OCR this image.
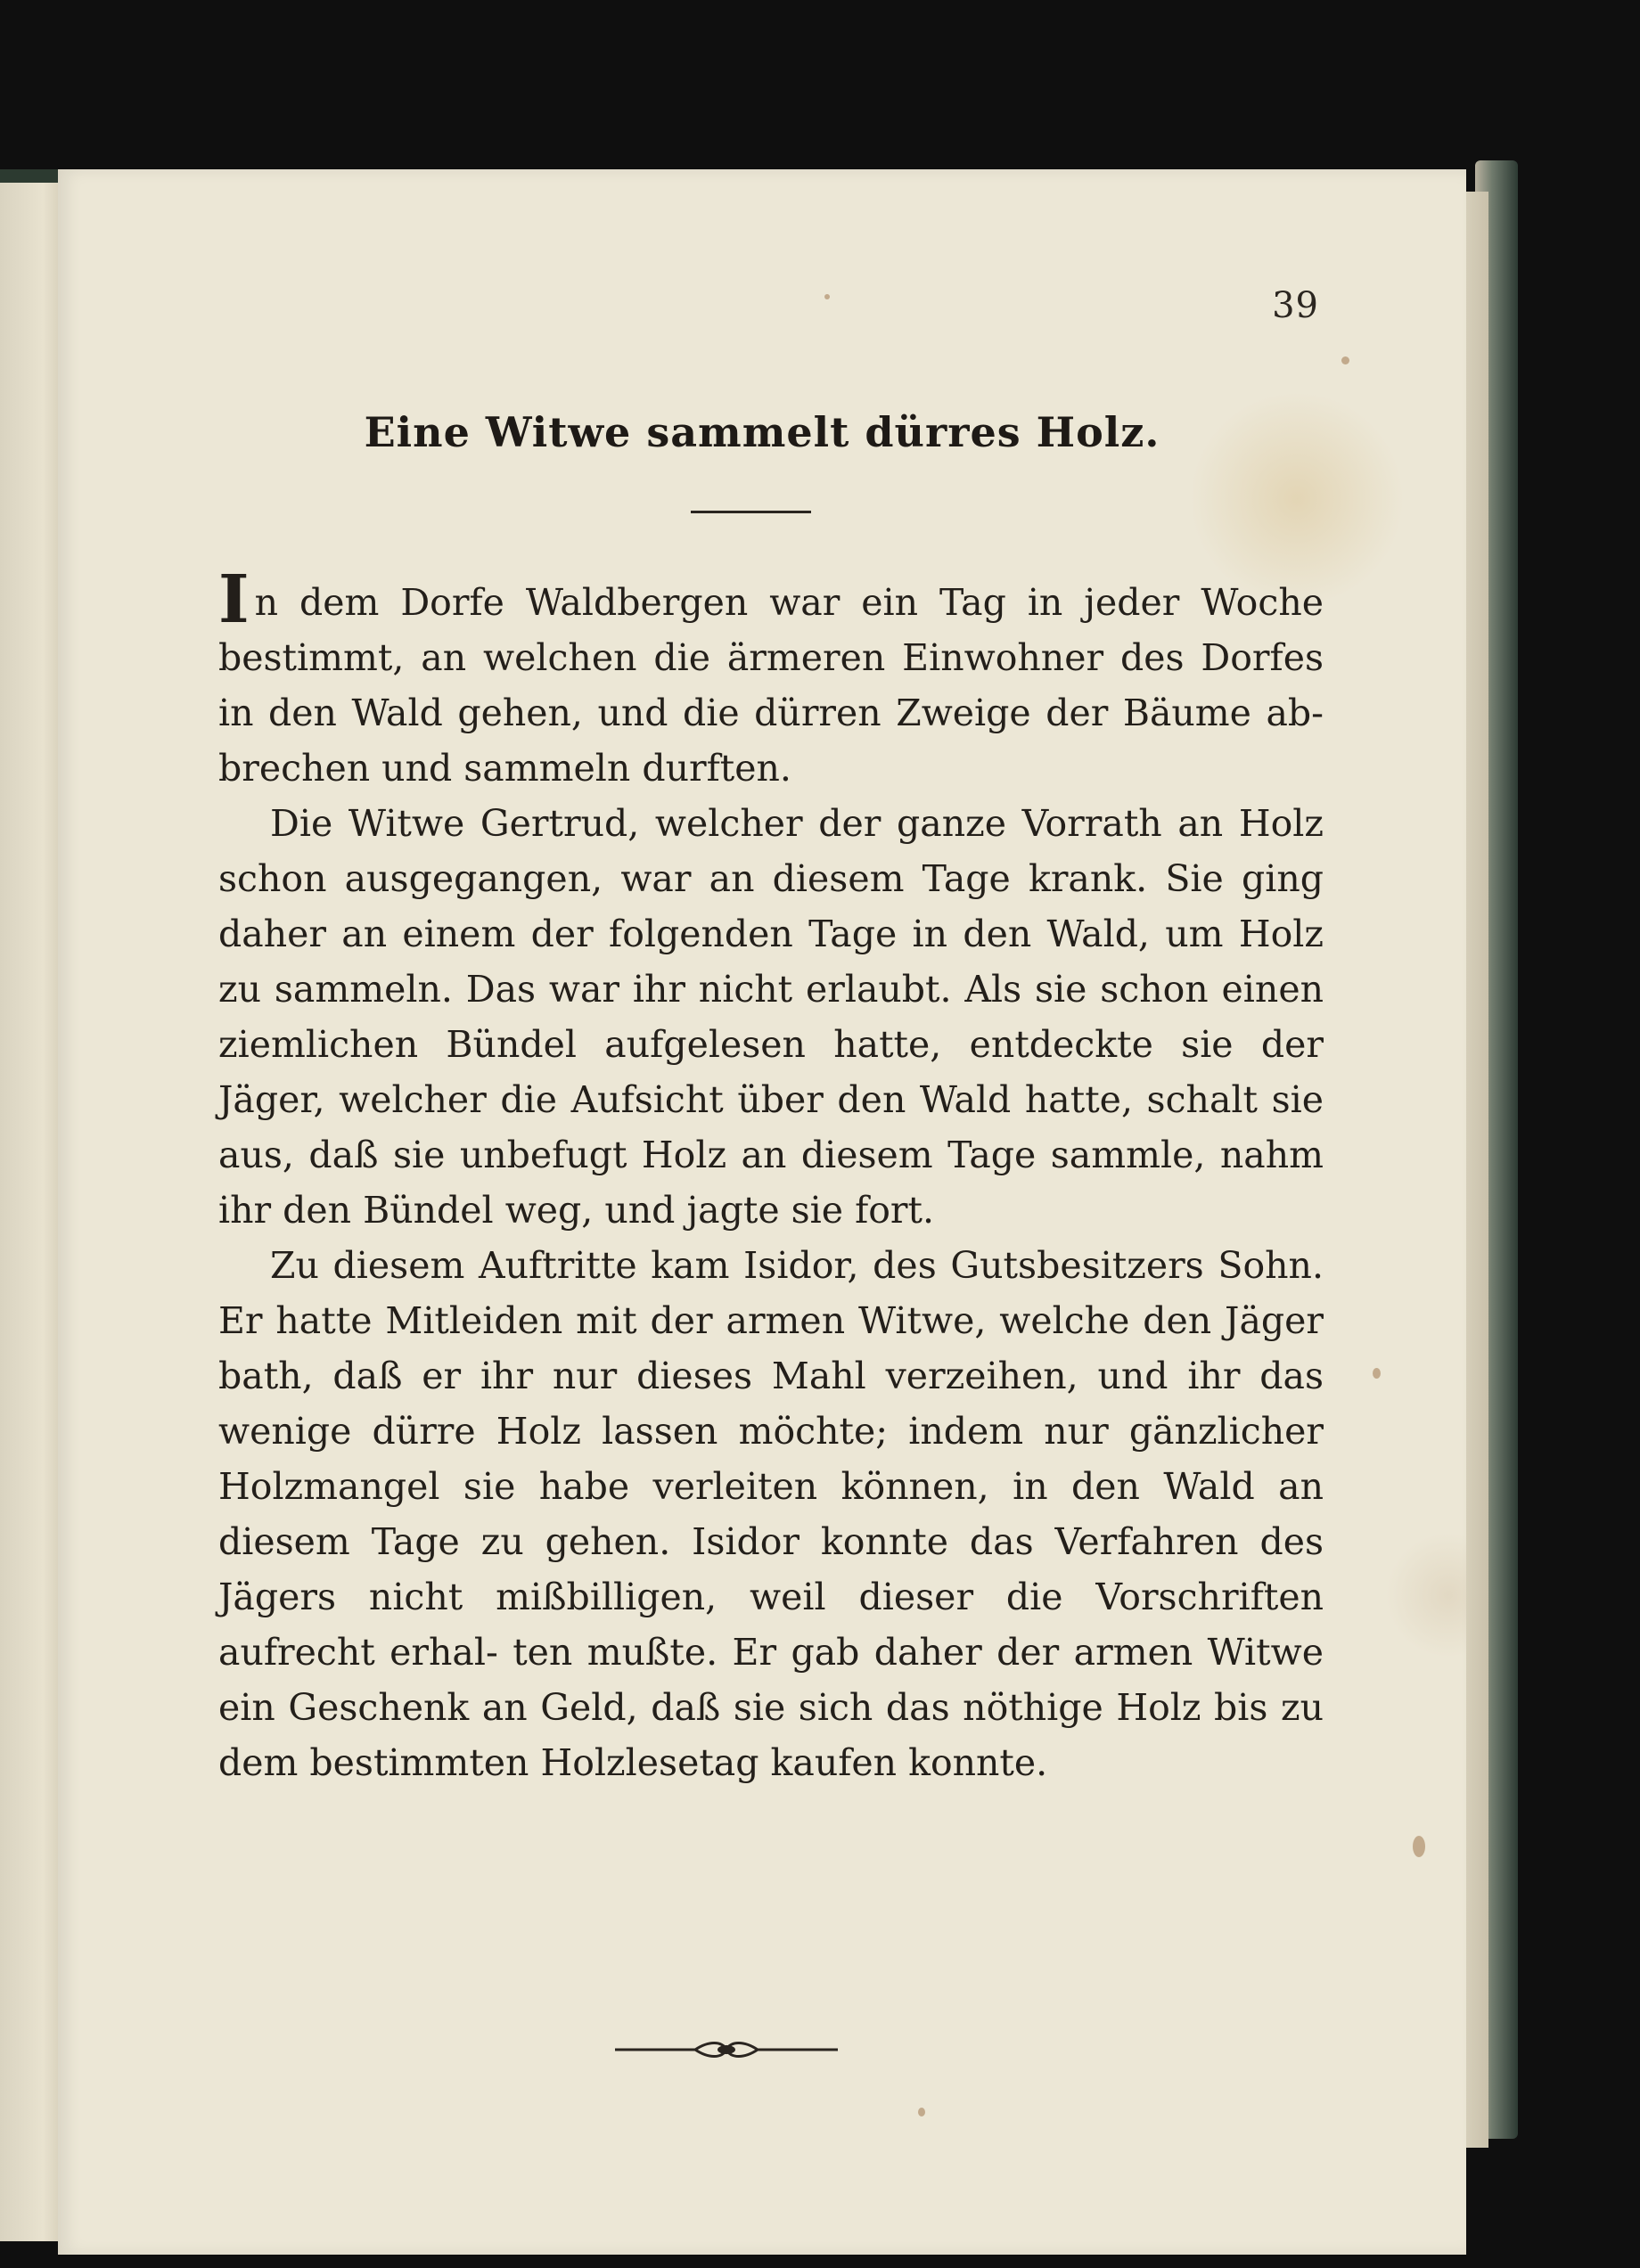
39
Eine Witwe sammelt dürres Holz.

In dem Dorfe Waldbergen war ein Tag in jeder Woche bestimmt, an welchen die ärmeren Einwohner des Dorfes in den Wald gehen, und die dürren Zweige der Bäume ab- brechen und sammeln durften.

Die Witwe Gertrud, welcher der ganze Vorrath an Holz schon ausgegangen, war an diesem Tage krank. Sie ging daher an einem der folgenden Tage in den Wald, um Holz zu sammeln. Das war ihr nicht erlaubt. Als sie schon einen ziemlichen Bündel aufgelesen hatte, entdeckte sie der Jäger, welcher die Aufsicht über den Wald hatte, schalt sie aus, daß sie unbefugt Holz an diesem Tage sammle, nahm ihr den Bündel weg, und jagte sie fort.

Zu diesem Auftritte kam Isidor, des Gutsbesitzers Sohn. Er hatte Mitleiden mit der armen Witwe, welche den Jäger bath, daß er ihr nur dieses Mahl verzeihen, und ihr das wenige dürre Holz lassen möchte; indem nur gänzlicher Holzmangel sie habe verleiten können, in den Wald an diesem Tage zu gehen. Isidor konnte das Verfahren des Jägers nicht mißbilligen, weil dieser die Vorschriften aufrecht erhal- ten mußte. Er gab daher der armen Witwe ein Geschenk an Geld, daß sie sich das nöthige Holz bis zu dem bestimmten Holzlesetag kaufen konnte.
